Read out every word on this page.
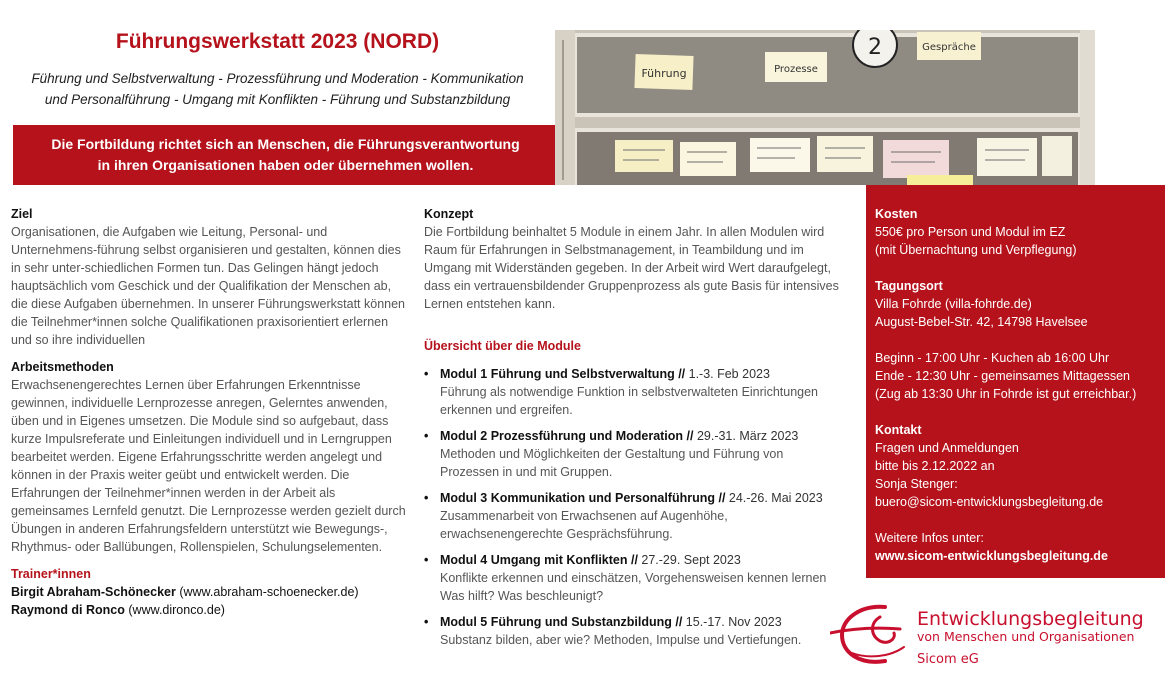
Führungswerkstatt 2023 (NORD)
Führung und Selbstverwaltung - Prozessführung und Moderation - Kommunikation
und Personalführung - Umgang mit Konflikten - Führung und Substanzbildung
Die Fortbildung richtet sich an Menschen, die Führungsverantwortung
in ihren Organisationen haben oder übernehmen wollen.
Führung	Prozesse
2	Gespräche
Ziel

Organisationen, die Aufgaben wie Leitung, Personal- und Unternehmens-führung selbst organisieren und gestalten, können dies in sehr unter-schiedlichen Formen tun. Das Gelingen hängt jedoch hauptsächlich vom Geschick und der Qualifikation der Menschen ab, die diese Aufgaben übernehmen. In unserer Führungswerkstatt können die Teilnehmer*innen solche Qualifikationen praxisorientiert erlernen und so ihre individuellen

Arbeitsmethoden

Erwachsenengerechtes Lernen über Erfahrungen Erkenntnisse gewinnen, individuelle Lernprozesse anregen, Gelerntes anwenden, üben und in Eigenes umsetzen. Die Module sind so aufgebaut, dass kurze Impulsreferate und Einleitungen individuell und in Lerngruppen bearbeitet werden. Eigene Erfahrungsschritte werden angelegt und können in der Praxis weiter geübt und entwickelt werden. Die Erfahrungen der Teilnehmer*innen werden in der Arbeit als gemeinsames Lernfeld genutzt. Die Lernprozesse werden gezielt durch Übungen in anderen Erfahrungsfeldern unterstützt wie Bewegungs-, Rhythmus- oder Ballübungen, Rollenspielen, Schulungselementen.

Trainer*innen

Birgit Abraham-Schönecker (www.abraham-schoenecker.de)

Raymond di Ronco (www.dironco.de)

Konzept

Die Fortbildung beinhaltet 5 Module in einem Jahr. In allen Modulen wird Raum für Erfahrungen in Selbstmanagement, in Teambildung und im Umgang mit Widerständen gegeben. In der Arbeit wird Wert daraufgelegt, dass ein vertrauensbildender Gruppenprozess als gute Basis für intensives Lernen entstehen kann.

Übersicht über die Module
• Modul 1 Führung und Selbstverwaltung // 1.-3. Feb 2023
Führung als notwendige Funktion in selbstverwalteten Einrichtungen erkennen und ergreifen.
• Modul 2 Prozessführung und Moderation // 29.-31. März 2023
Methoden und Möglichkeiten der Gestaltung und Führung von Prozessen in und mit Gruppen.
• Modul 3 Kommunikation und Personalführung // 24.-26. Mai 2023
Zusammenarbeit von Erwachsenen auf Augenhöhe, erwachsenengerechte Gesprächsführung.
• Modul 4 Umgang mit Konflikten // 27.-29. Sept 2023
Konflikte erkennen und einschätzen, Vorgehensweisen kennen lernen Was hilft? Was beschleunigt?
• Modul 5 Führung und Substanzbildung // 15.-17. Nov 2023
Substanz bilden, aber wie? Methoden, Impulse und Vertiefungen.
Kosten

550€ pro Person und Modul im EZ

(mit Übernachtung und Verpflegung)

Tagungsort

Villa Fohrde (villa-fohrde.de)

August-Bebel-Str. 42, 14798 Havelsee

Beginn - 17:00 Uhr - Kuchen ab 16:00 Uhr

Ende - 12:30 Uhr - gemeinsames Mittagessen

(Zug ab 13:30 Uhr in Fohrde ist gut erreichbar.)

Kontakt

Fragen und Anmeldungen

bitte bis 2.12.2022 an

Sonja Stenger:

buero@sicom-entwicklungsbegleitung.de

Weitere Infos unter:

www.sicom-entwicklungsbegleitung.de

Entwicklungsbegleitung
von Menschen und Organisationen
Sicom eG
